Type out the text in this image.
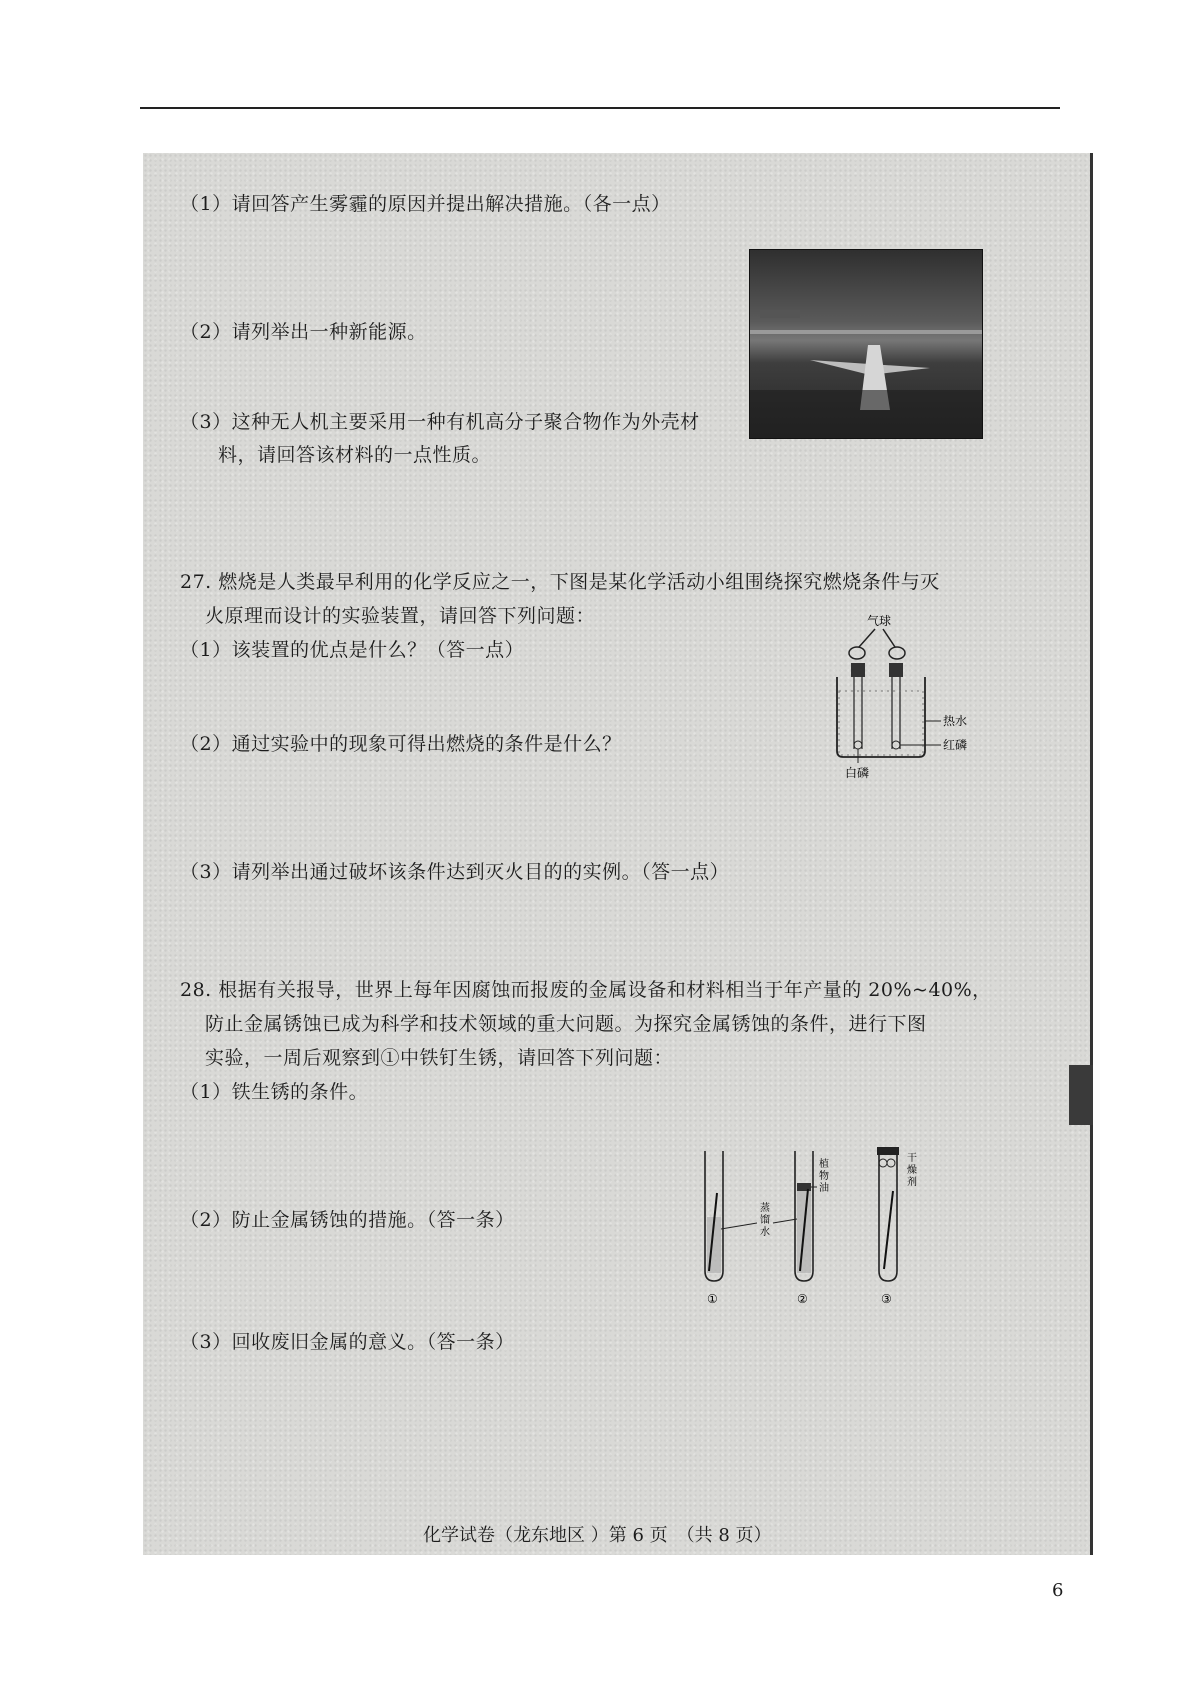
（1）请回答产生雾霾的原因并提出解决措施。（各一点）
（2）请列举出一种新能源。
（3）这种无人机主要采用一种有机高分子聚合物作为外壳材
料，请回答该材料的一点性质。
27. 燃烧是人类最早利用的化学反应之一，下图是某化学活动小组围绕探究燃烧条件与灭
火原理而设计的实验装置，请回答下列问题：
（1）该装置的优点是什么？（答一点）
（2）通过实验中的现象可得出燃烧的条件是什么？
（3）请列举出通过破坏该条件达到灭火目的的实例。（答一点）
气球
热水
红磷
白磷
28. 根据有关报导，世界上每年因腐蚀而报废的金属设备和材料相当于年产量的 20%~40%，
防止金属锈蚀已成为科学和技术领域的重大问题。为探究金属锈蚀的条件，进行下图
实验，一周后观察到①中铁钉生锈，请回答下列问题：
（1）铁生锈的条件。
（2）防止金属锈蚀的措施。（答一条）
（3）回收废旧金属的意义。（答一条）
①	②
植
物
油
蒸
馏
水
③
干
燥
剂
化学试卷（龙东地区 ）第 6 页　（共 8 页）
6
